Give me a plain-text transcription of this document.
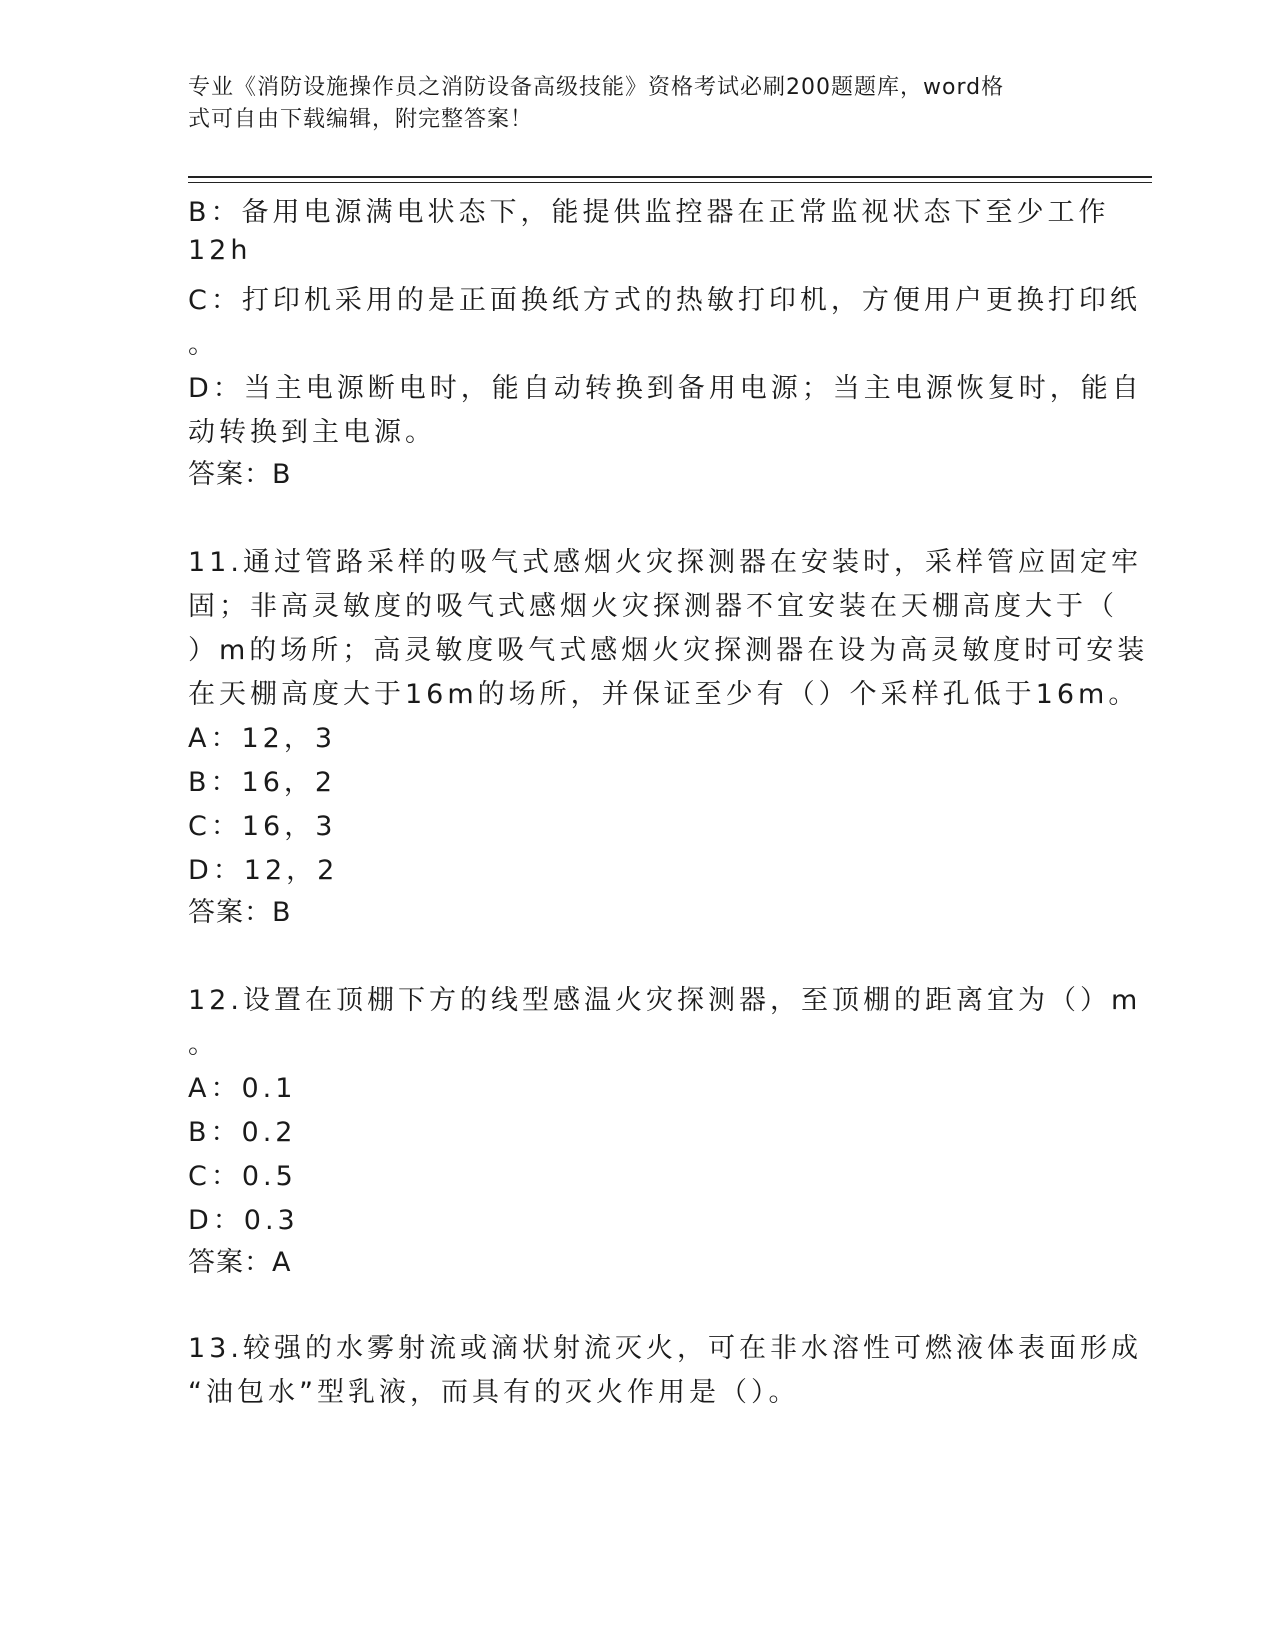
专业《消防设施操作员之消防设备高级技能》资格考试必刷200题题库，word格
式可自由下载编辑，附完整答案！
B：备用电源满电状态下，能提供监控器在正常监视状态下至少工作
12h
C：打印机采用的是正面换纸方式的热敏打印机，方便用户更换打印纸
。
D：当主电源断电时，能自动转换到备用电源；当主电源恢复时，能自
动转换到主电源。
答案：B
11.通过管路采样的吸气式感烟火灾探测器在安装时，采样管应固定牢
固；非高灵敏度的吸气式感烟火灾探测器不宜安装在天棚高度大于（
）m的场所；高灵敏度吸气式感烟火灾探测器在设为高灵敏度时可安装
在天棚高度大于16m的场所，并保证至少有（）个采样孔低于16m。
A：12，3
B：16，2
C：16，3
D：12，2
答案：B
12.设置在顶棚下方的线型感温火灾探测器，至顶棚的距离宜为（）m
。
A：0.1
B：0.2
C：0.5
D：0.3
答案：A
13.较强的水雾射流或滴状射流灭火，可在非水溶性可燃液体表面形成
“油包水”型乳液，而具有的灭火作用是（）。
